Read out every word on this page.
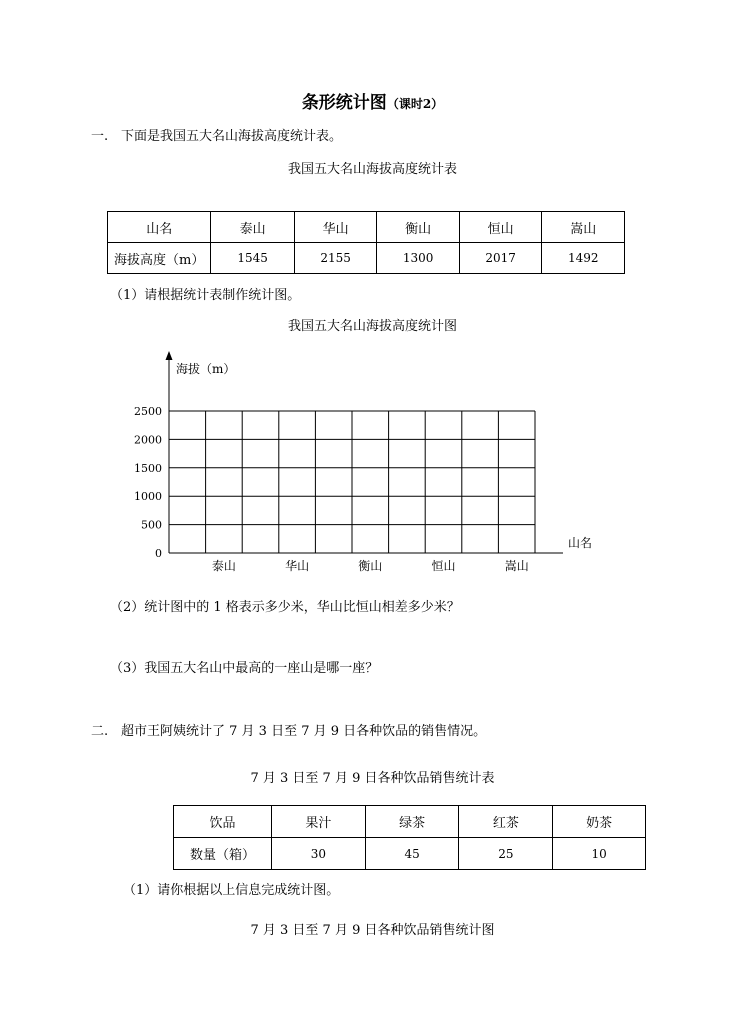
条形统计图（课时2）
一. 下面是我国五大名山海拔高度统计表。
我国五大名山海拔高度统计表
山名	泰山	华山	衡山	恒山	嵩山
海拔高度（m）	1545	2155	1300	2017	1492
（1）请根据统计表制作统计图。
我国五大名山海拔高度统计图
0
500
1000
1500
2000
2500
泰山	华山	衡山	恒山	嵩山
海拔（m）
山名
（2）统计图中的 1 格表示多少米，华山比恒山相差多少米？
（3）我国五大名山中最高的一座山是哪一座？
二. 超市王阿姨统计了 7 月 3 日至 7 月 9 日各种饮品的销售情况。
7 月 3 日至 7 月 9 日各种饮品销售统计表
饮品	果汁	绿茶	红茶	奶茶
数量（箱）	30	45	25	10
（1）请你根据以上信息完成统计图。
7 月 3 日至 7 月 9 日各种饮品销售统计图
